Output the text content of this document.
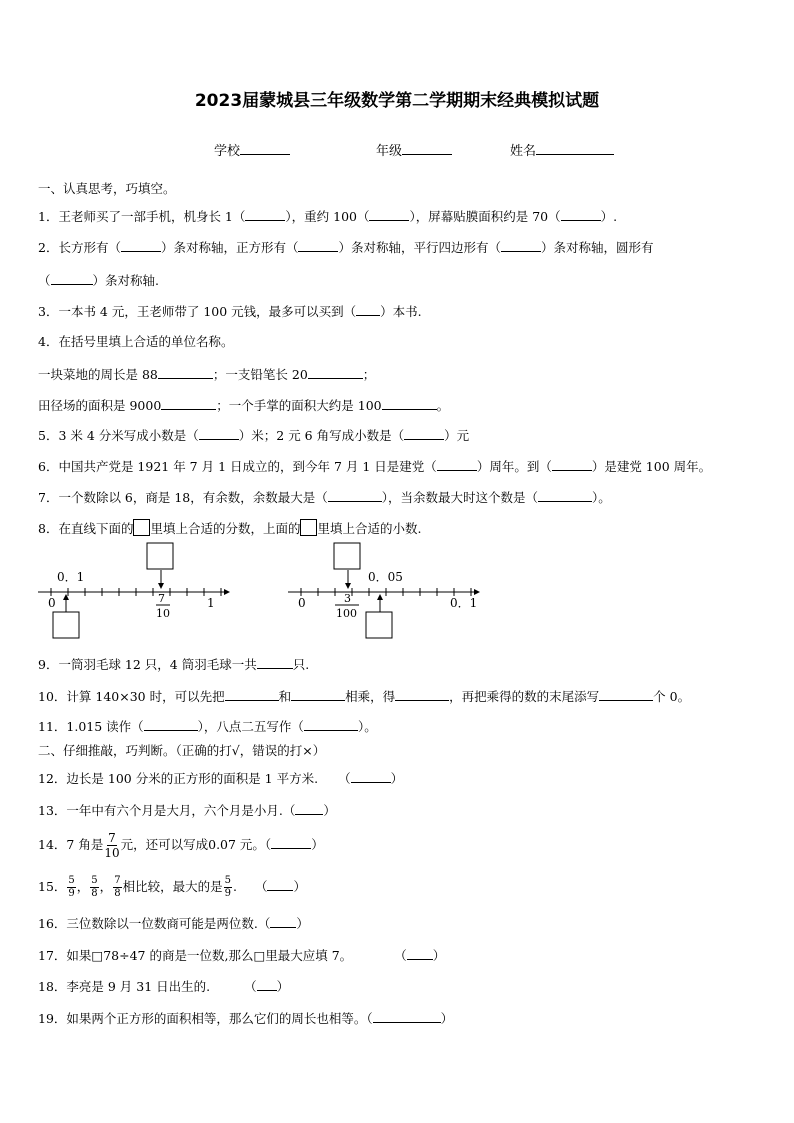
2023届蒙城县三年级数学第二学期期末经典模拟试题
学校	年级	姓名
一、认真思考，巧填空。
1．王老师买了一部手机，机身长 1（	），重约 100（	），屏幕贴膜面积约是 70（	）.
2．长方形有（	）条对称轴，正方形有（	）条对称轴，平行四边形有（	）条对称轴，圆形有
（	）条对称轴.
3．一本书 4 元，王老师带了 100 元钱，最多可以买到（ ）本书.
4．在括号里填上合适的单位名称。
一块菜地的周长是 88	；一支铅笔长 20	；
田径场的面积是 9000	；一个手掌的面积大约是 100	。
5．3 米 4 分米写成小数是（	）米；2 元 6 角写成小数是（	）元
6．中国共产党是 1921 年 7 月 1 日成立的，到今年 7 月 1 日是建党（	）周年。到（	）是建党 100 周年。
7．一个数除以 6，商是 18，有余数，余数最大是（	），当余数最大时这个数是（	）。
8．在直线下面的 里填上合适的分数，上面的 里填上合适的小数.
0．1
0	7
10
1
0．05
0	3
100
0．1
9．一筒羽毛球 12 只，4 筒羽毛球一共	只.
10．计算 140×30 时，可以先把	和	相乘，得	，再把乘得的数的末尾添写	个 0。
11．1.015 读作（	），八点二五写作（	）。
二、仔细推敲，巧判断。（正确的打√，错误的打×）
12．边长是 100 分米的正方形的面积是 1 平方米. （	）
13．一年中有六个月是大月，六个月是小月.（ ）
14．7 角是 $\frac{7}{10}$ 元，还可以写成0.07 元。（	）
15． $\frac{5}{9}$ ， $\frac{5}{8}$ ， $\frac{7}{8}$ 相比较，最大的是 $\frac{5}{9}$ . （ ）
16．三位数除以一位数商可能是两位数.（ ）
17．如果□78÷47 的商是一位数,那么□里最大应填 7。	（ ）
18．李亮是 9 月 31 日出生的.	（ ）
19．如果两个正方形的面积相等，那么它们的周长也相等。（	）
